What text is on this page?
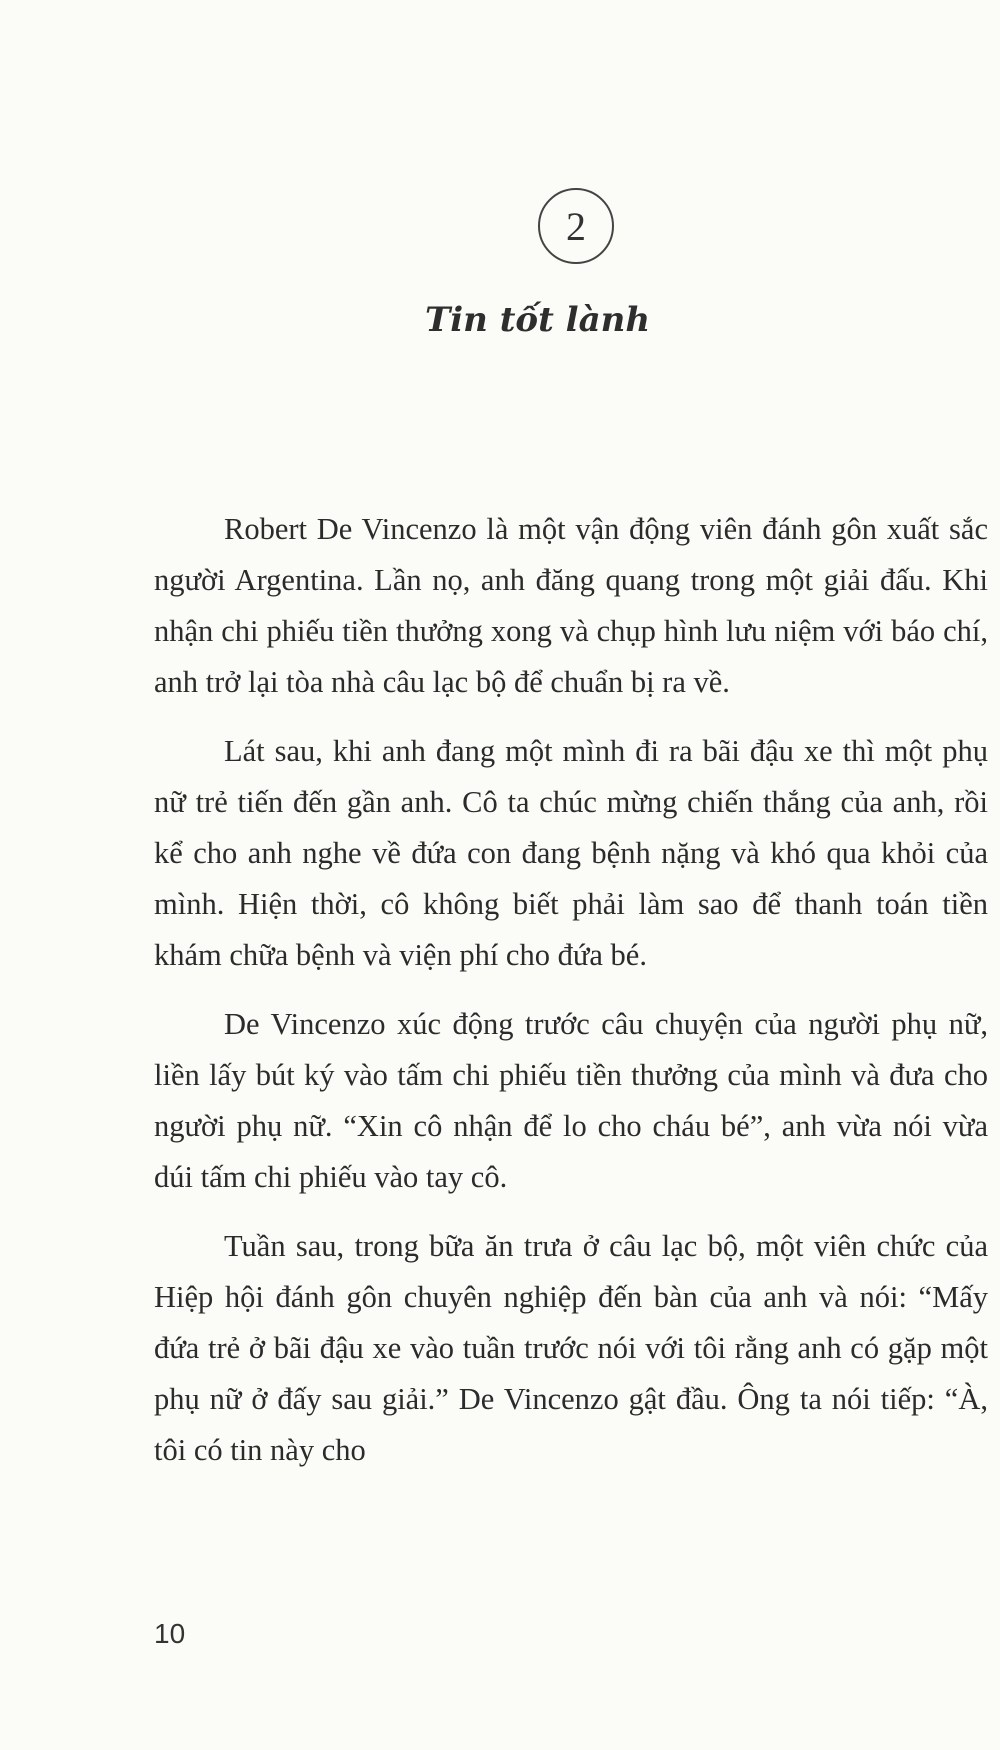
2
Tin tốt lành

Robert De Vincenzo là một vận động viên đánh gôn xuất sắc người Argentina. Lần nọ, anh đăng quang trong một giải đấu. Khi nhận chi phiếu tiền thưởng xong và chụp hình lưu niệm với báo chí, anh trở lại tòa nhà câu lạc bộ để chuẩn bị ra về.

Lát sau, khi anh đang một mình đi ra bãi đậu xe thì một phụ nữ trẻ tiến đến gần anh. Cô ta chúc mừng chiến thắng của anh, rồi kể cho anh nghe về đứa con đang bệnh nặng và khó qua khỏi của mình. Hiện thời, cô không biết phải làm sao để thanh toán tiền khám chữa bệnh và viện phí cho đứa bé.

De Vincenzo xúc động trước câu chuyện của người phụ nữ, liền lấy bút ký vào tấm chi phiếu tiền thưởng của mình và đưa cho người phụ nữ. “Xin cô nhận để lo cho cháu bé”, anh vừa nói vừa dúi tấm chi phiếu vào tay cô.

Tuần sau, trong bữa ăn trưa ở câu lạc bộ, một viên chức của Hiệp hội đánh gôn chuyên nghiệp đến bàn của anh và nói: “Mấy đứa trẻ ở bãi đậu xe vào tuần trước nói với tôi rằng anh có gặp một phụ nữ ở đấy sau giải.” De Vincenzo gật đầu. Ông ta nói tiếp: “À, tôi có tin này cho

10
